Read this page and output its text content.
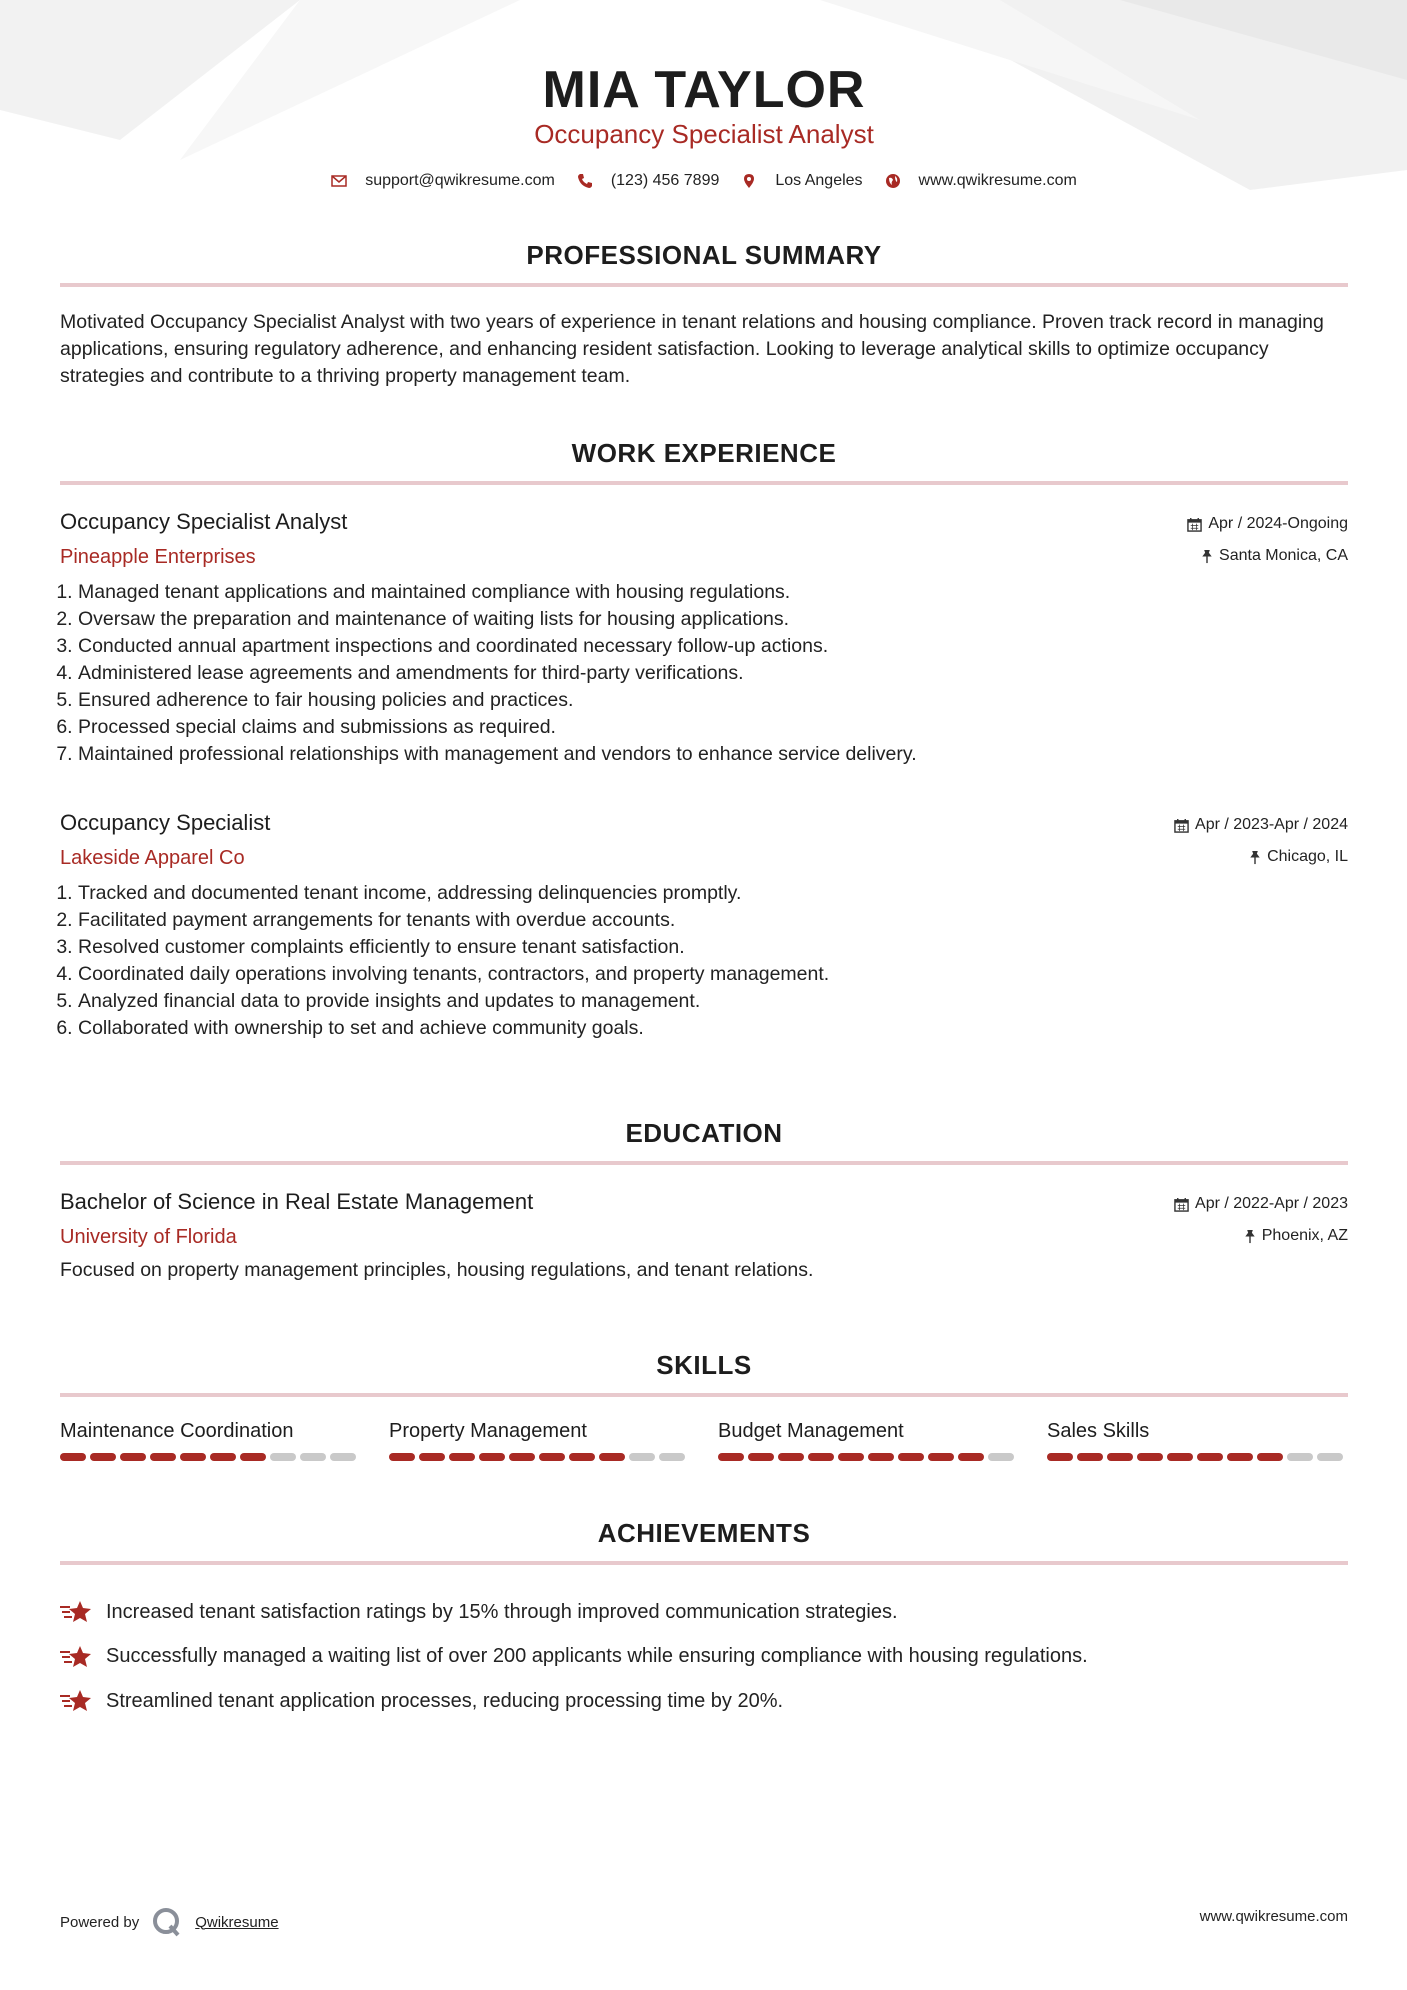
MIA TAYLOR
Occupancy Specialist Analyst
support@qwikresume.com	(123) 456 7899	Los Angeles	www.qwikresume.com
PROFESSIONAL SUMMARY
Motivated Occupancy Specialist Analyst with two years of experience in tenant relations and housing compliance. Proven track record in managing applications, ensuring regulatory adherence, and enhancing resident satisfaction. Looking to leverage analytical skills to optimize occupancy strategies and contribute to a thriving property management team.
WORK EXPERIENCE
Occupancy Specialist Analyst
Pineapple Enterprises
Apr / 2024-Ongoing
Santa Monica, CA
1. Managed tenant applications and maintained compliance with housing regulations.
2. Oversaw the preparation and maintenance of waiting lists for housing applications.
3. Conducted annual apartment inspections and coordinated necessary follow-up actions.
4. Administered lease agreements and amendments for third-party verifications.
5. Ensured adherence to fair housing policies and practices.
6. Processed special claims and submissions as required.
7. Maintained professional relationships with management and vendors to enhance service delivery.
Occupancy Specialist
Lakeside Apparel Co
Apr / 2023-Apr / 2024
Chicago, IL
1. Tracked and documented tenant income, addressing delinquencies promptly.
2. Facilitated payment arrangements for tenants with overdue accounts.
3. Resolved customer complaints efficiently to ensure tenant satisfaction.
4. Coordinated daily operations involving tenants, contractors, and property management.
5. Analyzed financial data to provide insights and updates to management.
6. Collaborated with ownership to set and achieve community goals.
EDUCATION
Bachelor of Science in Real Estate Management
University of Florida
Apr / 2022-Apr / 2023
Phoenix, AZ
Focused on property management principles, housing regulations, and tenant relations.
SKILLS
Maintenance Coordination	Property Management	Budget Management	Sales Skills
ACHIEVEMENTS
Increased tenant satisfaction ratings by 15% through improved communication strategies.
Successfully managed a waiting list of over 200 applicants while ensuring compliance with housing regulations.
Streamlined tenant application processes, reducing processing time by 20%.
Powered by	Qwikresume	www.qwikresume.com
